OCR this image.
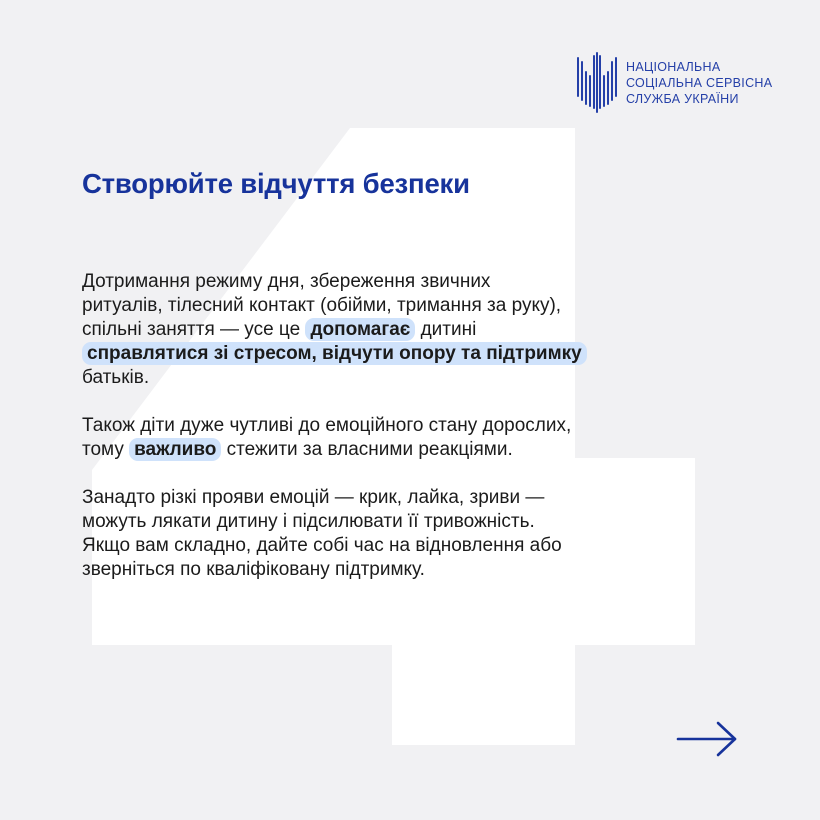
НАЦІОНАЛЬНА
СОЦІАЛЬНА СЕРВІСНА
СЛУЖБА УКРАЇНИ
Створюйте відчуття безпеки

Дотримання режиму дня, збереження звичних
ритуалів, тілесний контакт (обійми, тримання за руку),
спільні заняття — усе це допомагає дитині
справлятися зі стресом, відчути опору та підтримку
батьків.

Також діти дуже чутливі до емоційного стану дорослих,
тому важливо стежити за власними реакціями.

Занадто різкі прояви емоцій — крик, лайка, зриви —
можуть лякати дитину і підсилювати її тривожність.
Якщо вам складно, дайте собі час на відновлення або
зверніться по кваліфіковану підтримку.
